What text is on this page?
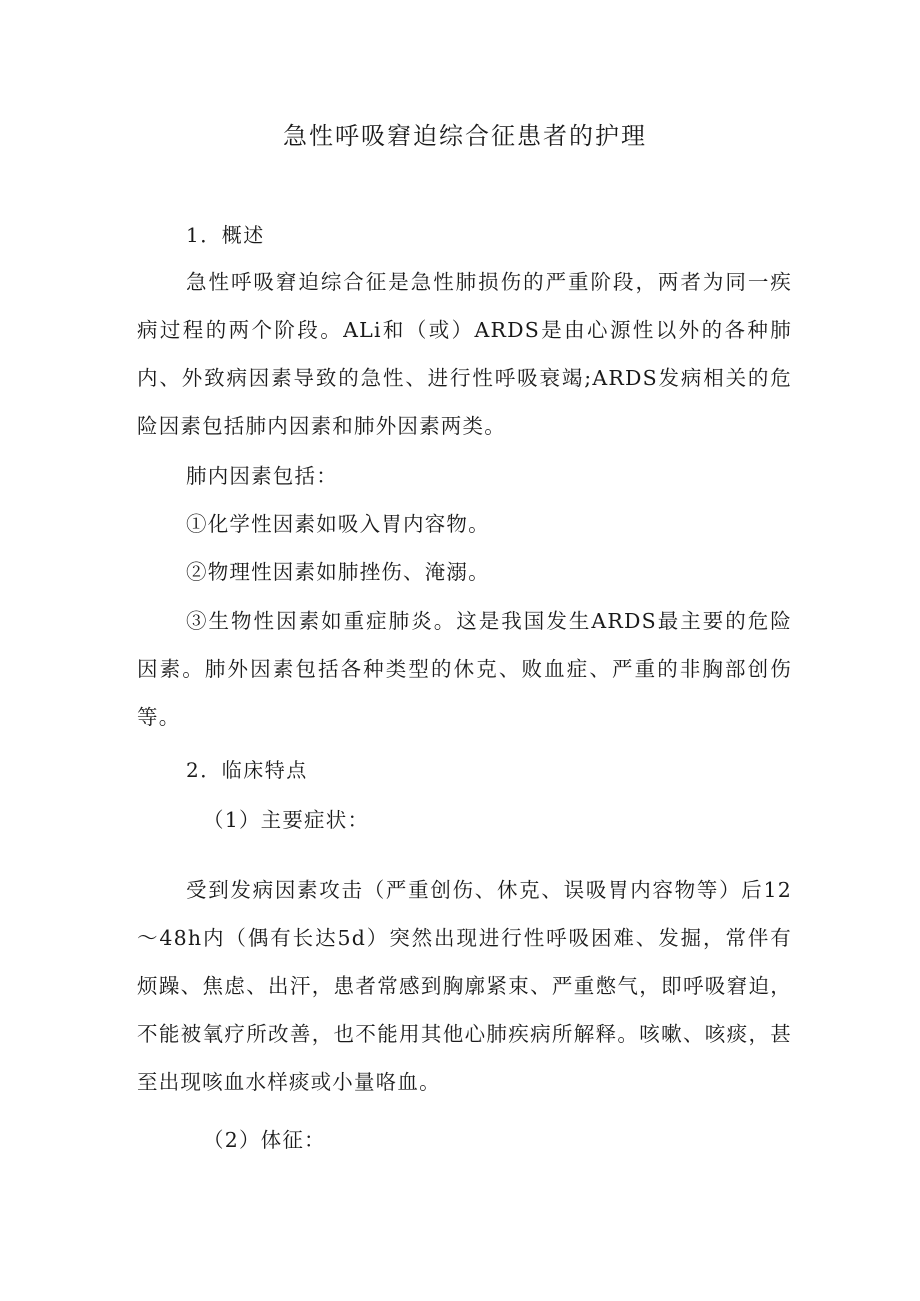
急性呼吸窘迫综合征患者的护理
1．概述

急性呼吸窘迫综合征是急性肺损伤的严重阶段，两者为同一疾病过程的两个阶段。ALi和（或）ARDS是由心源性以外的各种肺内、外致病因素导致的急性、进行性呼吸衰竭;ARDS发病相关的危险因素包括肺内因素和肺外因素两类。

肺内因素包括：
①化学性因素如吸入胃内容物。
②物理性因素如肺挫伤、淹溺。

③生物性因素如重症肺炎。这是我国发生ARDS最主要的危险因素。肺外因素包括各种类型的休克、败血症、严重的非胸部创伤等。

2．临床特点
（1）主要症状：

受到发病因素攻击（严重创伤、休克、误吸胃内容物等）后12～48h内（偶有长达5d）突然出现进行性呼吸困难、发掘，常伴有烦躁、焦虑、出汗，患者常感到胸廓紧束、严重憋气，即呼吸窘迫，不能被氧疗所改善，也不能用其他心肺疾病所解释。咳嗽、咳痰，甚至出现咳血水样痰或小量咯血。

（2）体征：
